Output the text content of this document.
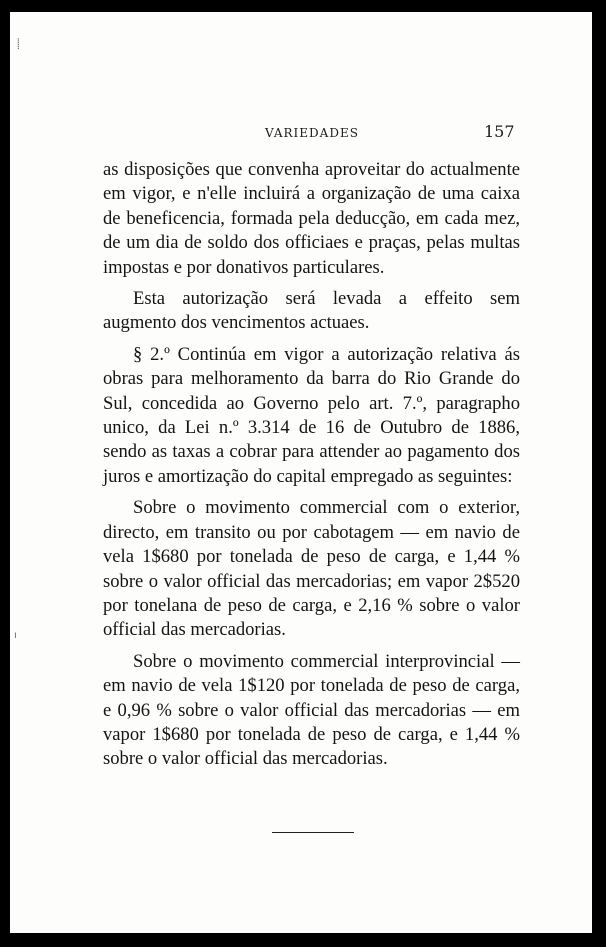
VARIEDADES	157

as disposições que convenha aproveitar do actualmente em vigor, e n'elle incluirá a organização de uma caixa de beneficencia, formada pela deducção, em cada mez, de um dia de soldo dos officiaes e praças, pelas multas impostas e por donativos particulares.

Esta autorização será levada a effeito sem augmento dos vencimentos actuaes.

§ 2.º Continúa em vigor a autorização relativa ás obras para melhoramento da barra do Rio Grande do Sul, concedida ao Governo pelo art. 7.º, paragrapho unico, da Lei n.º 3.314 de 16 de Outubro de 1886, sendo as taxas a cobrar para attender ao pagamento dos juros e amortização do capital empregado as seguintes:

Sobre o movimento commercial com o exterior, directo, em transito ou por cabotagem — em navio de vela 1$680 por tonelada de peso de carga, e 1,44 % sobre o valor official das mercadorias; em vapor 2$520 por tonelana de peso de carga, e 2,16 % sobre o valor official das mercadorias.

Sobre o movimento commercial interprovincial — em navio de vela 1$120 por tonelada de peso de carga, e 0,96 % sobre o valor official das mercadorias — em vapor 1$680 por tonelada de peso de carga, e 1,44 % sobre o valor official das mercadorias.

⸽
ı
